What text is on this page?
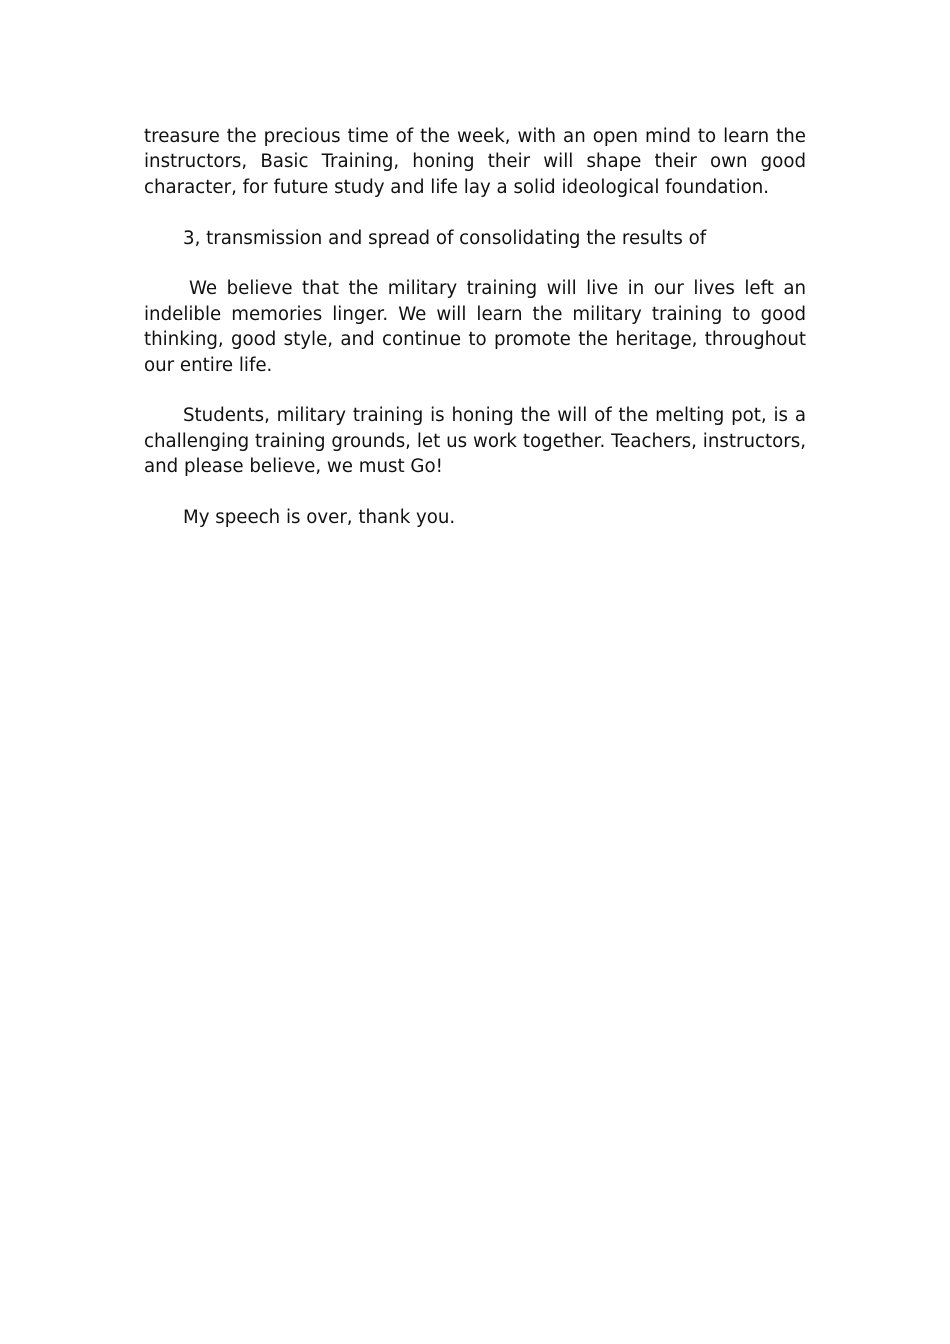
treasure the precious time of the week, with an open mind to learn the instructors, Basic Training, honing their will shape their own good character, for future study and life lay a solid ideological foundation.

3, transmission and spread of consolidating the results of

We believe that the military training will live in our lives left an indelible memories linger. We will learn the military training to good thinking, good style, and continue to promote the heritage, throughout our entire life.

Students, military training is honing the will of the melting pot, is a challenging training grounds, let us work together. Teachers, instructors, and please believe, we must Go!

My speech is over, thank you.
